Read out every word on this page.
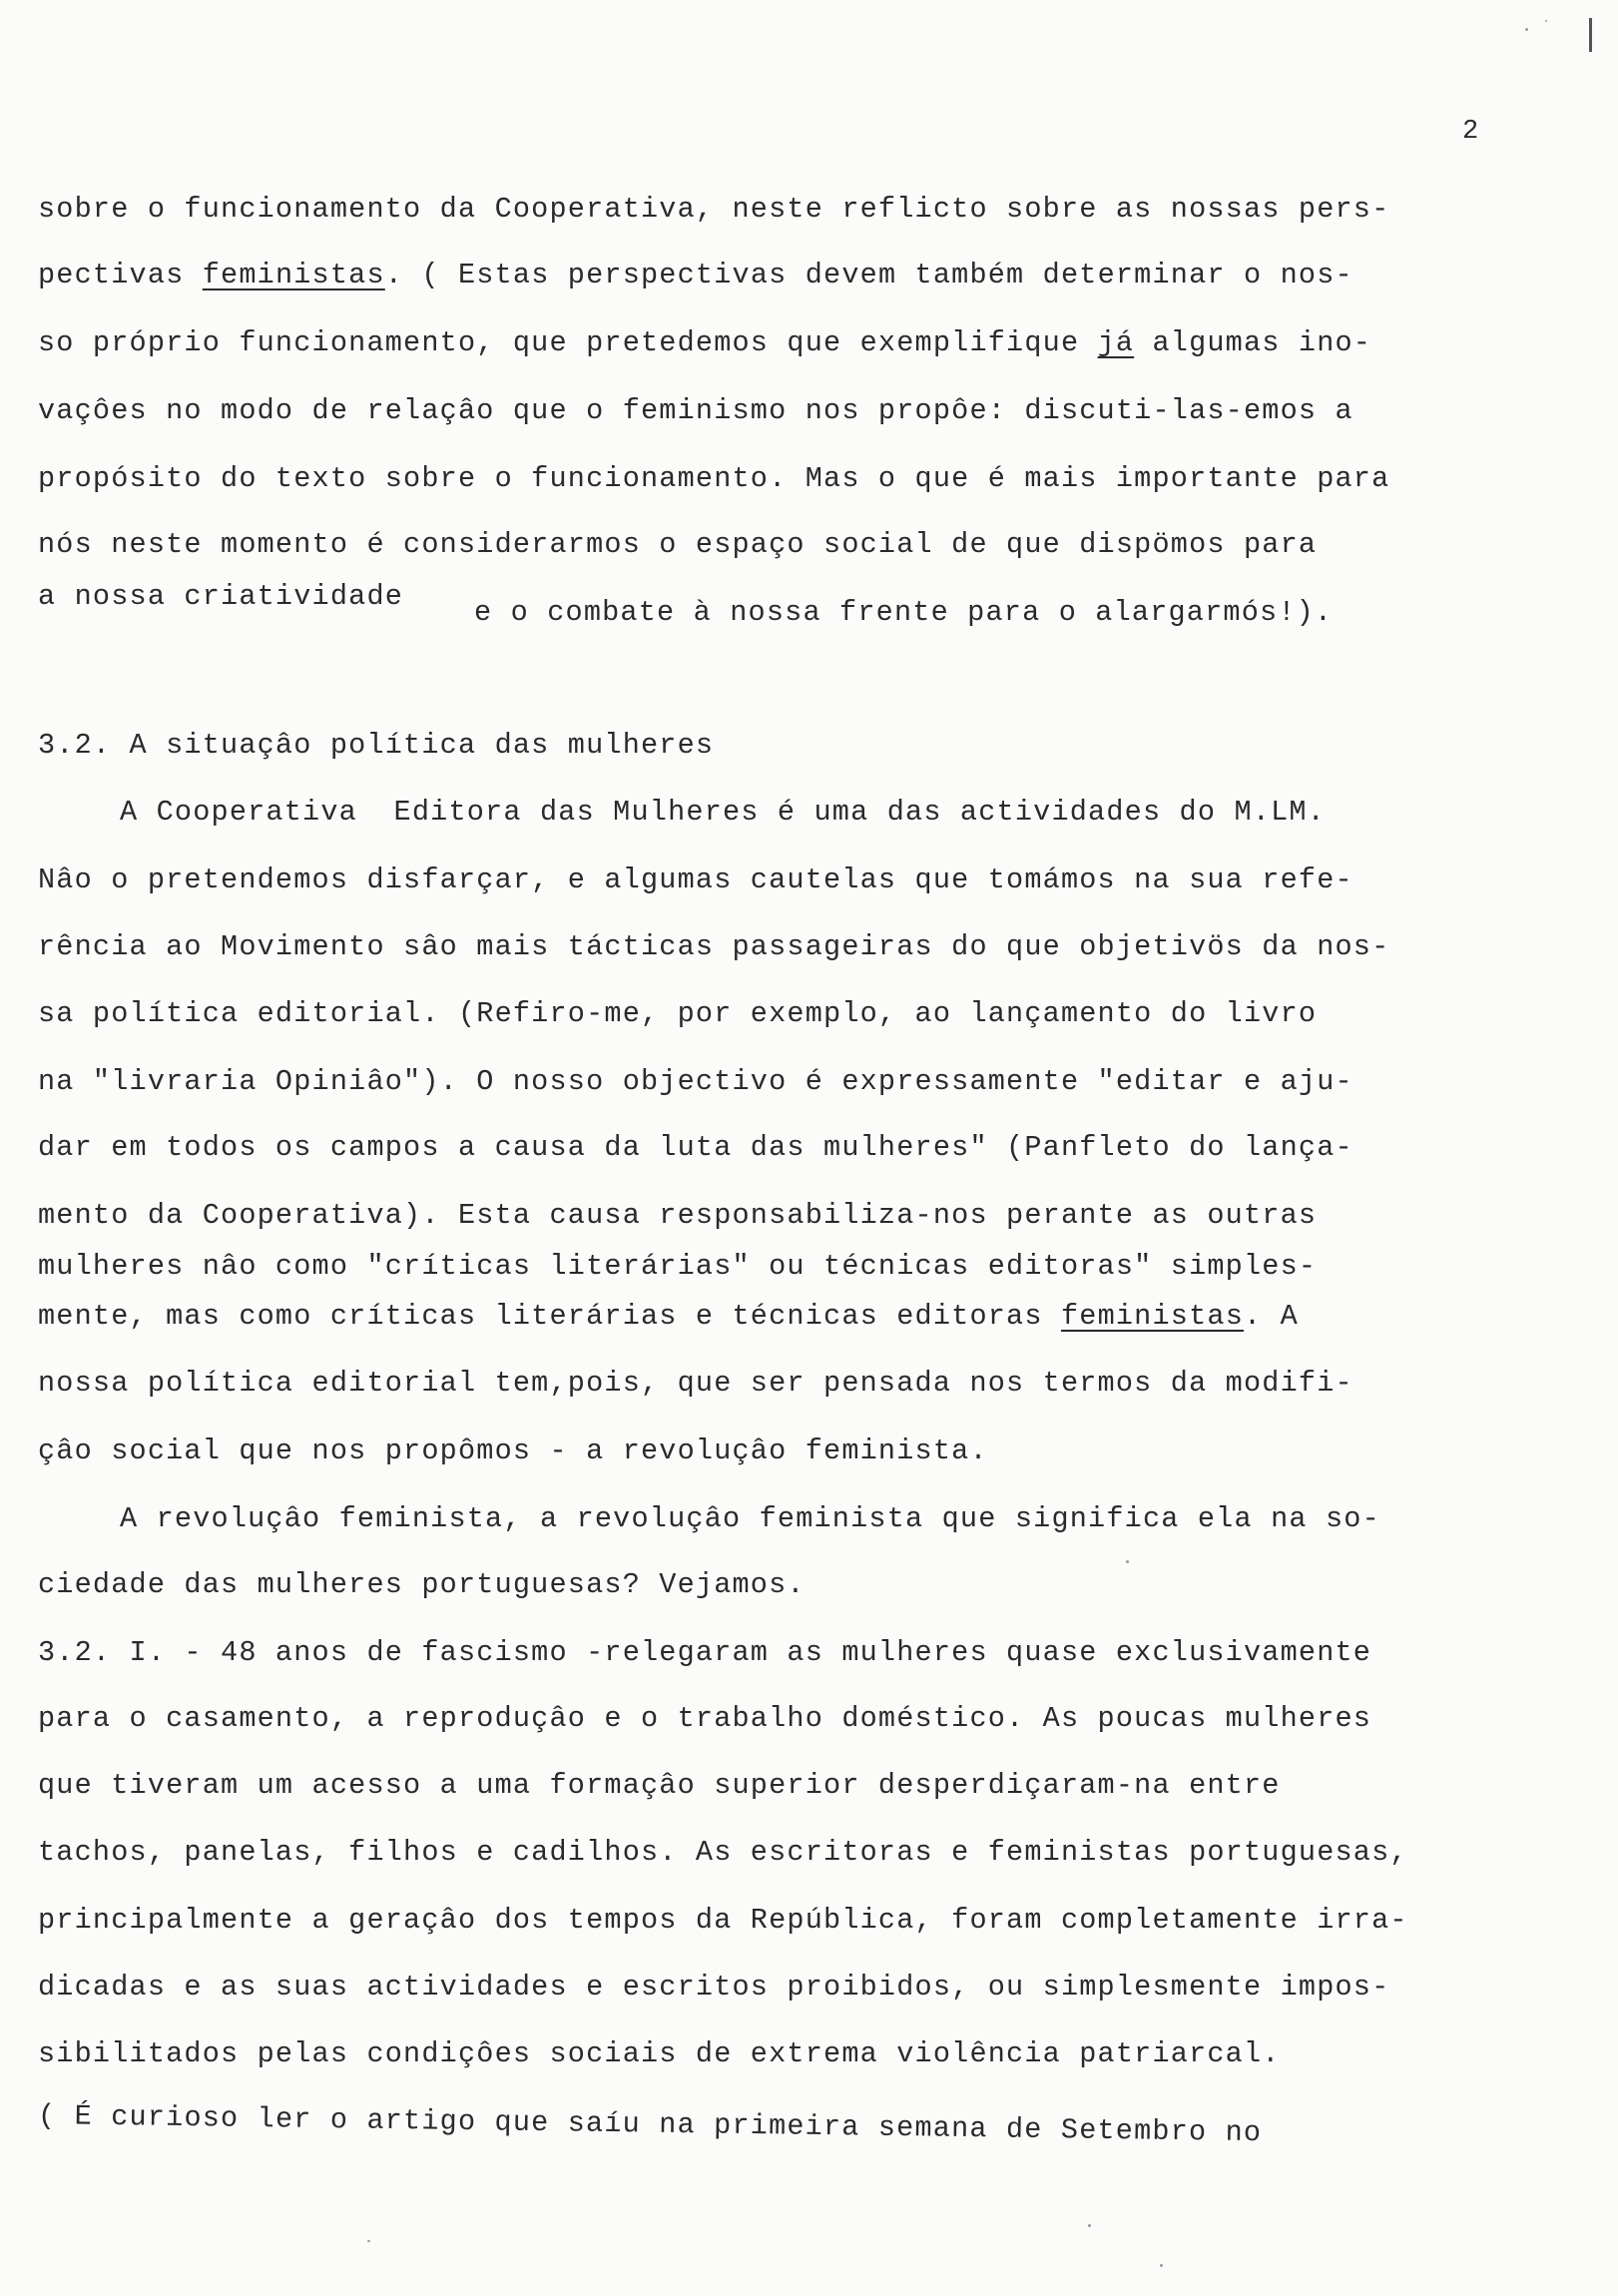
2
sobre o funcionamento da Cooperativa, neste reflicto sobre as nossas pers-
pectivas feministas. ( Estas perspectivas devem também determinar o nos-
so próprio funcionamento, que pretedemos que exemplifique já algumas ino-
vaçôes no modo de relaçâo que o feminismo nos propôe: discuti-las-emos a
propósito do texto sobre o funcionamento. Mas o que é mais importante para
nós neste momento é considerarmos o espaço social de que dispömos para
a nossa criatividade e o combate à nossa frente para o alargarmós!).
3.2. A situaçâo política das mulheres
A Cooperativa  Editora das Mulheres é uma das actividades do M.LM.
Nâo o pretendemos disfarçar, e algumas cautelas que tomámos na sua refe-
rência ao Movimento sâo mais tácticas passageiras do que objetivös da nos-
sa política editorial. (Refiro-me, por exemplo, ao lançamento do livro
na "livraria Opiniâo"). O nosso objectivo é expressamente "editar e aju-
dar em todos os campos a causa da luta das mulheres" (Panfleto do lança-
mento da Cooperativa). Esta causa responsabiliza-nos perante as outras
mulheres nâo como "críticas literárias" ou técnicas editoras" simples-
mente, mas como críticas literárias e técnicas editoras feministas. A
nossa política editorial tem,pois, que ser pensada nos termos da modifi-
çâo social que nos propômos - a revoluçâo feminista.
A revoluçâo feminista, a revoluçâo feminista que significa ela na so-
ciedade das mulheres portuguesas? Vejamos.
3.2. I. - 48 anos de fascismo -relegaram as mulheres quase exclusivamente
para o casamento, a reproduçâo e o trabalho doméstico. As poucas mulheres
que tiveram um acesso a uma formaçâo superior desperdiçaram-na entre
tachos, panelas, filhos e cadilhos. As escritoras e feministas portuguesas,
principalmente a geraçâo dos tempos da República, foram completamente irra-
dicadas e as suas actividades e escritos proibidos, ou simplesmente impos-
sibilitados pelas condiçôes sociais de extrema violência patriarcal.
( É curioso ler o artigo que saíu na primeira semana de Setembro no
